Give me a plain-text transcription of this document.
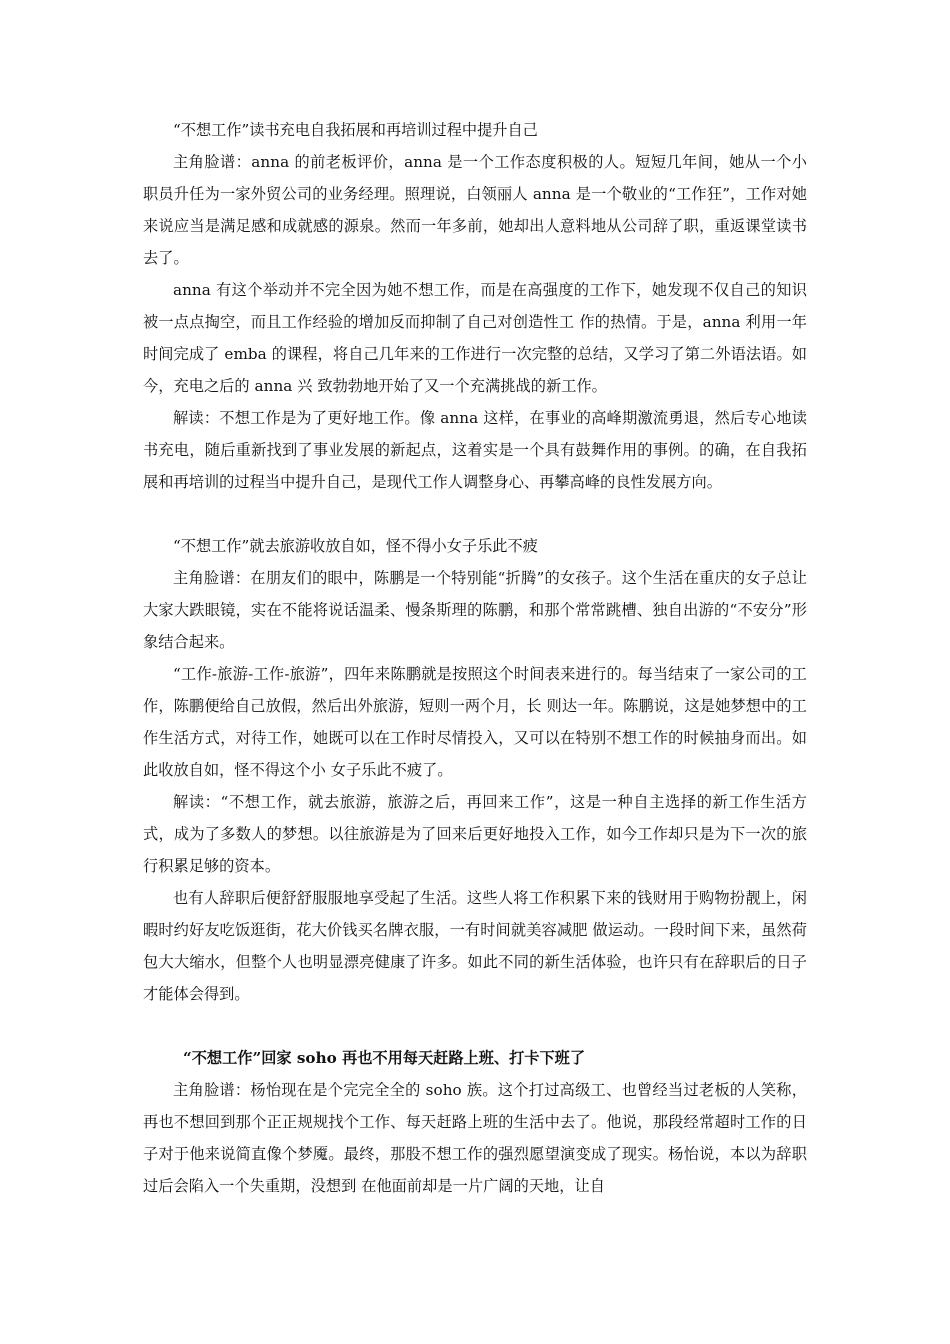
“不想工作”读书充电自我拓展和再培训过程中提升自己

主角脸谱：anna 的前老板评价，anna 是一个工作态度积极的人。短短几年间，她从一个小职员升任为一家外贸公司的业务经理。照理说，白领丽人 anna 是一个敬业的“工作狂”，工作对她来说应当是满足感和成就感的源泉。然而一年多前，她却出人意料地从公司辞了职，重返课堂读书去了。

anna 有这个举动并不完全因为她不想工作，而是在高强度的工作下，她发现不仅自己的知识被一点点掏空，而且工作经验的增加反而抑制了自己对创造性工 作的热情。于是，anna 利用一年时间完成了 emba 的课程，将自己几年来的工作进行一次完整的总结，又学习了第二外语法语。如今，充电之后的 anna 兴 致勃勃地开始了又一个充满挑战的新工作。

解读：不想工作是为了更好地工作。像 anna 这样，在事业的高峰期激流勇退，然后专心地读书充电，随后重新找到了事业发展的新起点，这着实是一个具有鼓舞作用的事例。的确，在自我拓展和再培训的过程当中提升自己，是现代工作人调整身心、再攀高峰的良性发展方向。

“不想工作”就去旅游收放自如，怪不得小女子乐此不疲

主角脸谱：在朋友们的眼中，陈鹏是一个特别能“折腾”的女孩子。这个生活在重庆的女子总让大家大跌眼镜，实在不能将说话温柔、慢条斯理的陈鹏，和那个常常跳槽、独自出游的“不安分”形象结合起来。

“工作-旅游-工作-旅游”，四年来陈鹏就是按照这个时间表来进行的。每当结束了一家公司的工作，陈鹏便给自己放假，然后出外旅游，短则一两个月，长 则达一年。陈鹏说，这是她梦想中的工作生活方式，对待工作，她既可以在工作时尽情投入，又可以在特别不想工作的时候抽身而出。如此收放自如，怪不得这个小 女子乐此不疲了。

解读：“不想工作，就去旅游，旅游之后，再回来工作”，这是一种自主选择的新工作生活方式，成为了多数人的梦想。以往旅游是为了回来后更好地投入工作，如今工作却只是为下一次的旅行积累足够的资本。

也有人辞职后便舒舒服服地享受起了生活。这些人将工作积累下来的钱财用于购物扮靓上，闲暇时约好友吃饭逛街，花大价钱买名牌衣服，一有时间就美容减肥 做运动。一段时间下来，虽然荷包大大缩水，但整个人也明显漂亮健康了许多。如此不同的新生活体验，也许只有在辞职后的日子才能体会得到。

“不想工作”回家 soho 再也不用每天赶路上班、打卡下班了

主角脸谱：杨怡现在是个完完全全的 soho 族。这个打过高级工、也曾经当过老板的人笑称，再也不想回到那个正正规规找个工作、每天赶路上班的生活中去了。他说，那段经常超时工作的日子对于他来说简直像个梦魇。最终，那股不想工作的强烈愿望演变成了现实。杨怡说，本以为辞职过后会陷入一个失重期，没想到 在他面前却是一片广阔的天地，让自
